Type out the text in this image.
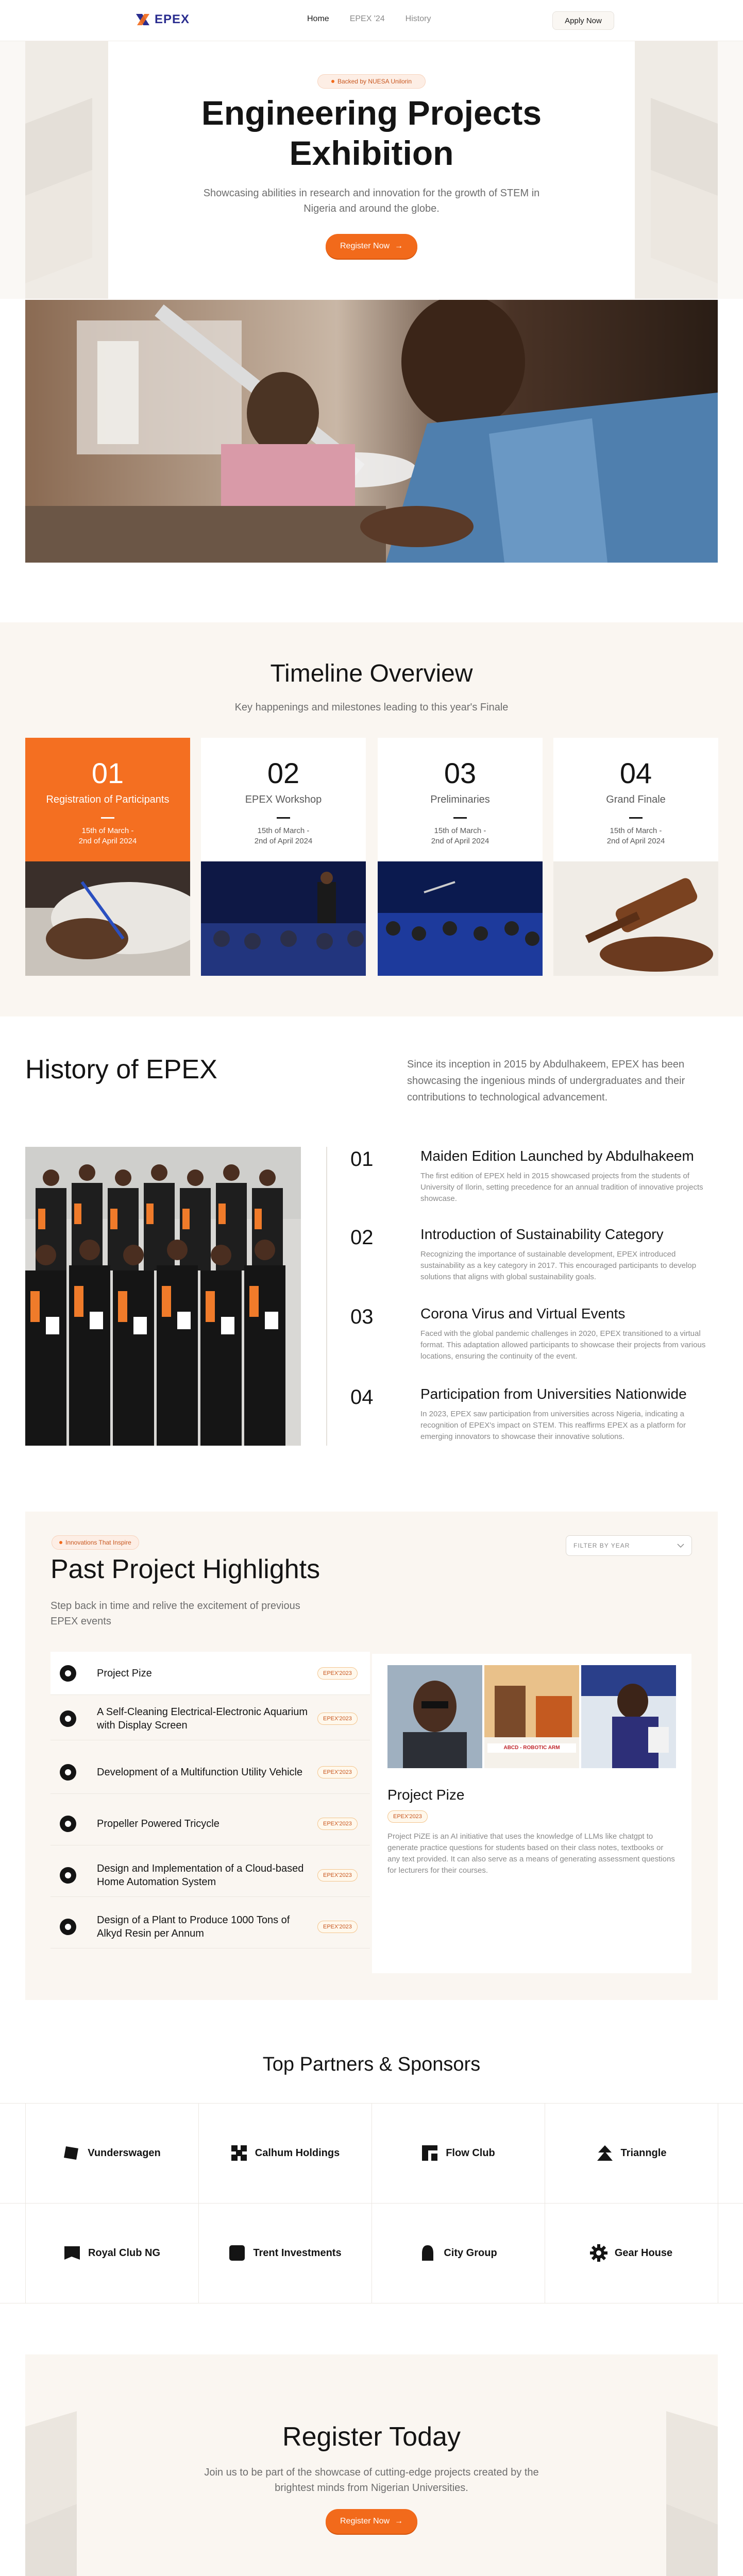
EPEX	Home	EPEX '24	History	Apply Now
Backed by NUESA Unilorin
Engineering Projects Exhibition
Showcasing abilities in research and innovation for the growth of STEM in Nigeria and around the globe.
Register Now →
Timeline Overview
Key happenings and milestones leading to this year's Finale
01
Registration of Participants
15th of March -
2nd of April 2024
02
EPEX Workshop
15th of March -
2nd of April 2024
03
Preliminaries
15th of March -
2nd of April 2024
04
Grand Finale
15th of March -
2nd of April 2024
History of EPEX	Since its inception in 2015 by Abdulhakeem, EPEX has been showcasing the ingenious minds of undergraduates and their contributions to technological advancement.
01	Maiden Edition Launched by Abdulhakeem
The first edition of EPEX held in 2015 showcased projects from the students of University of Ilorin, setting precedence for an annual tradition of innovative projects showcase.
02	Introduction of Sustainability Category
Recognizing the importance of sustainable development, EPEX introduced sustainability as a key category in 2017. This encouraged participants to develop solutions that aligns with global sustainability goals.
03	Corona Virus and Virtual Events
Faced with the global pandemic challenges in 2020, EPEX transitioned to a virtual format. This adaptation allowed participants to showcase their projects from various locations, ensuring the continuity of the event.
04	Participation from Universities Nationwide
In 2023, EPEX saw participation from universities across Nigeria, indicating a recognition of EPEX's impact on STEM. This reaffirms EPEX as a platform for emerging innovators to showcase their innovative solutions.
Innovations That Inspire
Past Project Highlights
Step back in time and relive the excitement of previous EPEX events
FILTER BY YEAR
Project Pize	EPEX'2023
A Self-Cleaning Electrical-Electronic Aquarium with Display Screen
EPEX'2023
Development of a Multifunction Utility Vehicle	EPEX'2023
Propeller Powered Tricycle	EPEX'2023
Design and Implementation of a Cloud-based Home Automation System
EPEX'2023
Design of a Plant to Produce 1000 Tons of Alkyd Resin per Annum
EPEX'2023
ABCD - ROBOTIC ARM
Project Pize
EPEX'2023
Project PiZE is an AI initiative that uses the knowledge of LLMs like chatgpt to generate practice questions for students based on their class notes, textbooks or any text provided. It can also serve as a means of generating assessment questions for lecturers for their courses.
Top Partners & Sponsors
Vunderswagen	Calhum Holdings	Flow Club	Trianngle
Royal Club NG	Trent Investments	City Group	Gear House
Register Today
Join us to be part of the showcase of cutting-edge projects created by the brightest minds from Nigerian Universities.
Register Now →
